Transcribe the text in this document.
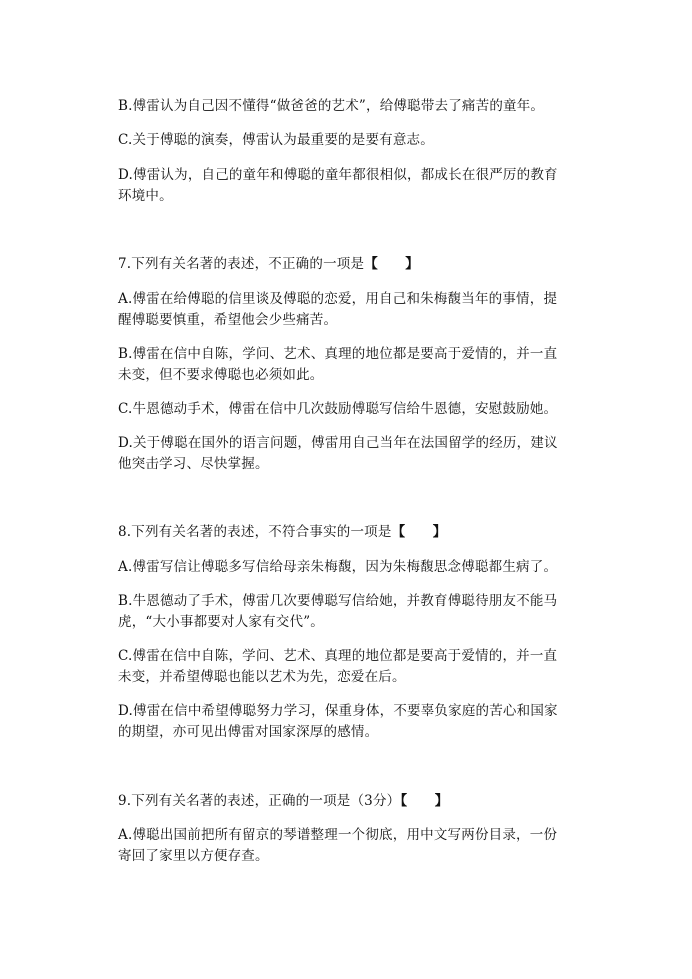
B.傅雷认为自己因不懂得“做爸爸的艺术”，给傅聪带去了痛苦的童年。
C.关于傅聪的演奏，傅雷认为最重要的是要有意志。
D.傅雷认为，自己的童年和傅聪的童年都很相似，都成长在很严厉的教育
环境中。
7.下列有关名著的表述，不正确的一项是【　　】
A.傅雷在给傅聪的信里谈及傅聪的恋爱，用自己和朱梅馥当年的事情，提
醒傅聪要慎重，希望他会少些痛苦。
B.傅雷在信中自陈，学问、艺术、真理的地位都是要高于爱情的，并一直
未变，但不要求傅聪也必须如此。
C.牛恩德动手术，傅雷在信中几次鼓励傅聪写信给牛恩德，安慰鼓励她。
D.关于傅聪在国外的语言问题，傅雷用自己当年在法国留学的经历，建议
他突击学习、尽快掌握。
8.下列有关名著的表述，不符合事实的一项是【　　】
A.傅雷写信让傅聪多写信给母亲朱梅馥，因为朱梅馥思念傅聪都生病了。
B.牛恩德动了手术，傅雷几次要傅聪写信给她，并教育傅聪待朋友不能马
虎，“大小事都要对人家有交代”。
C.傅雷在信中自陈，学问、艺术、真理的地位都是要高于爱情的，并一直
未变，并希望傅聪也能以艺术为先，恋爱在后。
D.傅雷在信中希望傅聪努力学习，保重身体，不要辜负家庭的苦心和国家
的期望，亦可见出傅雷对国家深厚的感情。
9.下列有关名著的表述，正确的一项是（3分）【　　】
A.傅聪出国前把所有留京的琴谱整理一个彻底，用中文写两份目录，一份
寄回了家里以方便存查。
